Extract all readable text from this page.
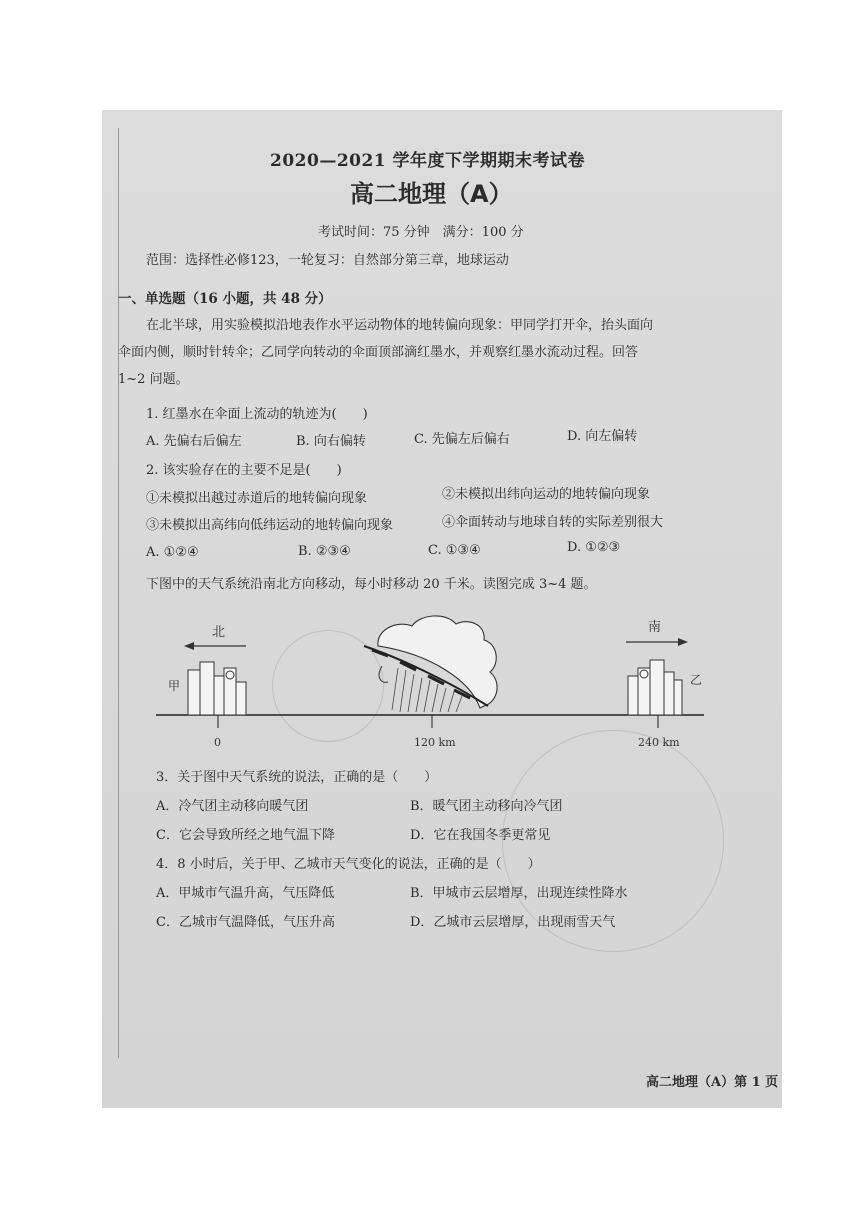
2020—2021 学年度下学期期末考试卷
高二地理（A）
考试时间：75 分钟　满分：100 分
范围：选择性必修123，一轮复习：自然部分第三章，地球运动
一、单选题（16 小题，共 48 分）
在北半球，用实验模拟沿地表作水平运动物体的地转偏向现象：甲同学打开伞，抬头面向
伞面内侧，顺时针转伞；乙同学向转动的伞面顶部滴红墨水，并观察红墨水流动过程。回答
1~2 问题。
1. 红墨水在伞面上流动的轨迹为(　　)
A. 先偏右后偏左	B. 向右偏转	C. 先偏左后偏右	D. 向左偏转
2. 该实验存在的主要不足是(　　)
①未模拟出越过赤道后的地转偏向现象	②未模拟出纬向运动的地转偏向现象
③未模拟出高纬向低纬运动的地转偏向现象	④伞面转动与地球自转的实际差别很大
A. ①②④	B. ②③④	C. ①③④	D. ①②③
下图中的天气系统沿南北方向移动，每小时移动 20 千米。读图完成 3~4 题。
北	南
甲	乙
0	120 km	240 km
3．关于图中天气系统的说法，正确的是（　　）
A．冷气团主动移向暖气团	B．暖气团主动移向冷气团
C．它会导致所经之地气温下降	D．它在我国冬季更常见
4．8 小时后，关于甲、乙城市天气变化的说法，正确的是（　　）
A．甲城市气温升高，气压降低	B．甲城市云层增厚，出现连续性降水
C．乙城市气温降低，气压升高	D．乙城市云层增厚，出现雨雪天气
高二地理（A）第 1 页
